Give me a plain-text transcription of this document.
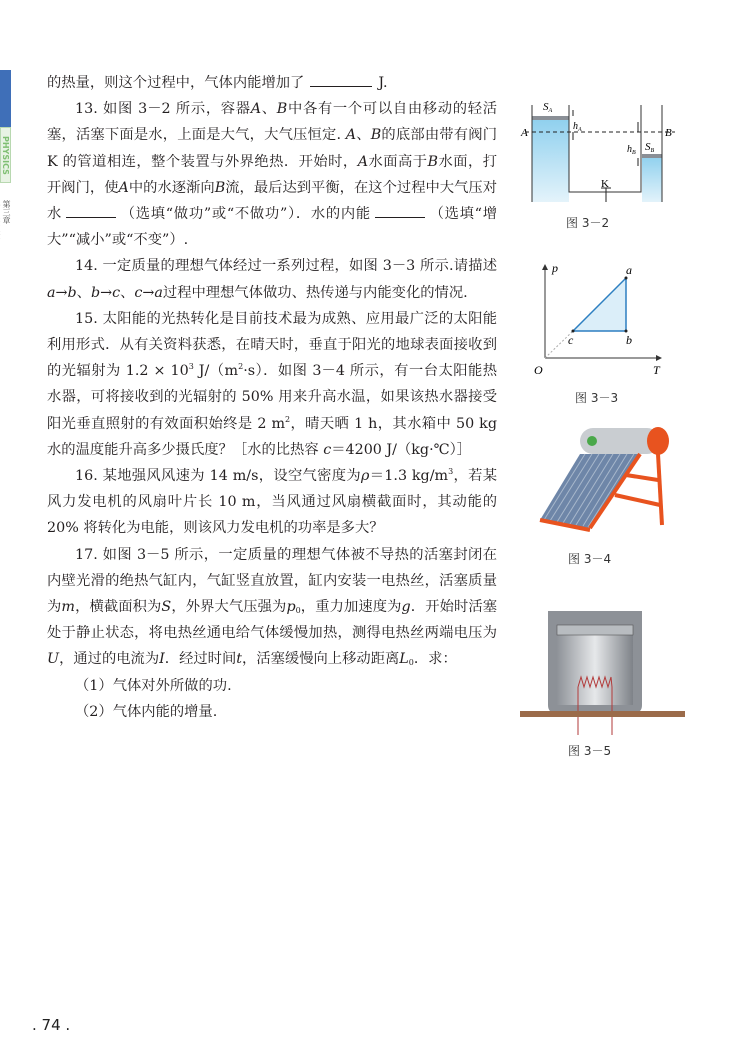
PHYSICS
第三章

的热量，则这个过程中，气体内能增加了	J.

13. 如图 3－2 所示，容器A、B中各有一个可以自由移动的轻活塞，活塞下面是水，上面是大气，大气压恒定. A、B的底部由带有阀门 K 的管道相连，整个装置与外界绝热．开始时，A水面高于B水面，打开阀门，使A中的水逐渐向B流，最后达到平衡，在这个过程中大气压对水	（选填“做功”或“不做功”）．水的内能	（选填“增大”“减小”或“不变”）.

14. 一定质量的理想气体经过一系列过程，如图 3－3 所示.请描述a→b、b→c、c→a过程中理想气体做功、热传递与内能变化的情况.

15. 太阳能的光热转化是目前技术最为成熟、应用最广泛的太阳能利用形式．从有关资料获悉，在晴天时，垂直于阳光的地球表面接收到的光辐射为 $1.2 \times 10^3$ $J/(m^2\cdot s)$．如图 3－4 所示，有一台太阳能热水器，可将接收到的光辐射的 50% 用来升高水温，如果该热水器接受阳光垂直照射的有效面积始终是 2 $m^2$，晴天晒 1 h，其水箱中 50 kg 水的温度能升高多少摄氏度？［水的比热容 c＝4200 J/（kg·℃）］

16. 某地强风风速为 14 m/s，设空气密度为ρ＝1.3 $kg/m^3$，若某风力发电机的风扇叶片长 10 m，当风通过风扇横截面时，其动能的 20% 将转化为电能，则该风力发电机的功率是多大？

17. 如图 3－5 所示，一定质量的理想气体被不导热的活塞封闭在内壁光滑的绝热气缸内，气缸竖直放置，缸内安装一电热丝，活塞质量为m，横截面积为S，外界大气压强为$p_0$，重力加速度为g．开始时活塞处于静止状态，将电热丝通电给气体缓慢加热，测得电热丝两端电压为U，通过的电流为I．经过时间t，活塞缓慢向上移动距离$L_0$．求：

（1）气体对外所做的功.

（2）气体内能的增量.

A	B
SA
SB
$h_A$
$h_B$
K
图 3－2
p
T
O
a
b
c
图 3－3
图 3－4
图 3－5
. 74 .
